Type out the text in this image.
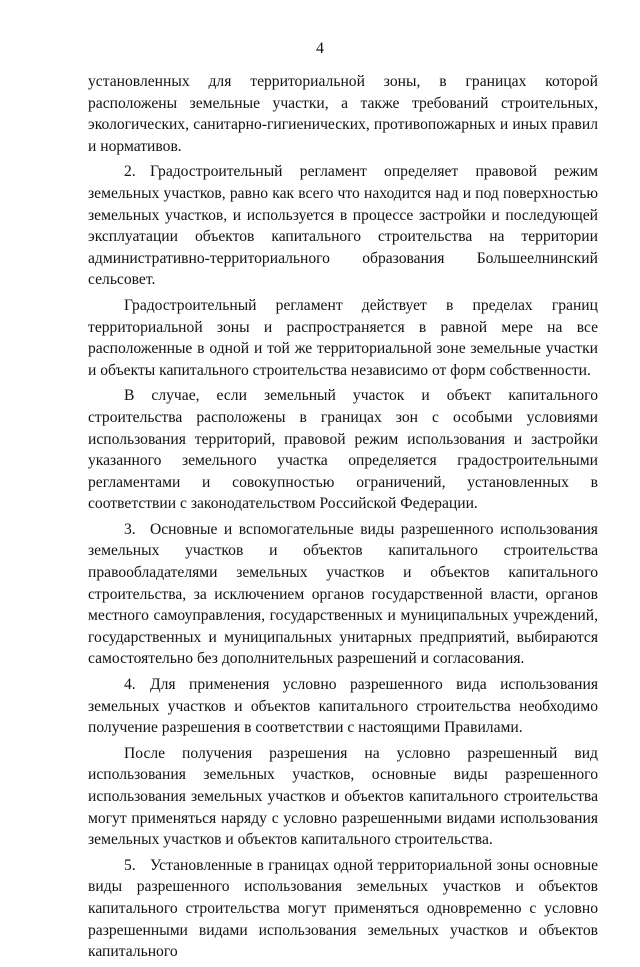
4

установленных для территориальной зоны, в границах которой расположены земельные участки, а также требований строительных, экологических, санитарно-гигиенических, противопожарных и иных правил и нормативов.

2. Градостроительный регламент определяет правовой режим земельных участков, равно как всего что находится над и под поверхностью земельных участков, и используется в процессе застройки и последующей эксплуатации объектов капитального строительства на территории административно-территориального образования Большеелнинский сельсовет.

Градостроительный регламент действует в пределах границ территориальной зоны и распространяется в равной мере на все расположенные в одной и той же территориальной зоне земельные участки и объекты капитального строительства независимо от форм собственности.

В случае, если земельный участок и объект капитального строительства расположены в границах зон с особыми условиями использования территорий, правовой режим использования и застройки указанного земельного участка определяется градостроительными регламентами и совокупностью ограничений, установленных в соответствии с законодательством Российской Федерации.

3. Основные и вспомогательные виды разрешенного использования земельных участков и объектов капитального строительства правообладателями земельных участков и объектов капитального строительства, за исключением органов государственной власти, органов местного самоуправления, государственных и муниципальных учреждений, государственных и муниципальных унитарных предприятий, выбираются самостоятельно без дополнительных разрешений и согласования.

4. Для применения условно разрешенного вида использования земельных участков и объектов капитального строительства необходимо получение разрешения в соответствии с настоящими Правилами.

После получения разрешения на условно разрешенный вид использования земельных участков, основные виды разрешенного использования земельных участков и объектов капитального строительства могут применяться наряду с условно разрешенными видами использования земельных участков и объектов капитального строительства.

5. Установленные в границах одной территориальной зоны основные виды разрешенного использования земельных участков и объектов капитального строительства могут применяться одновременно с условно разрешенными видами использования земельных участков и объектов капитального
